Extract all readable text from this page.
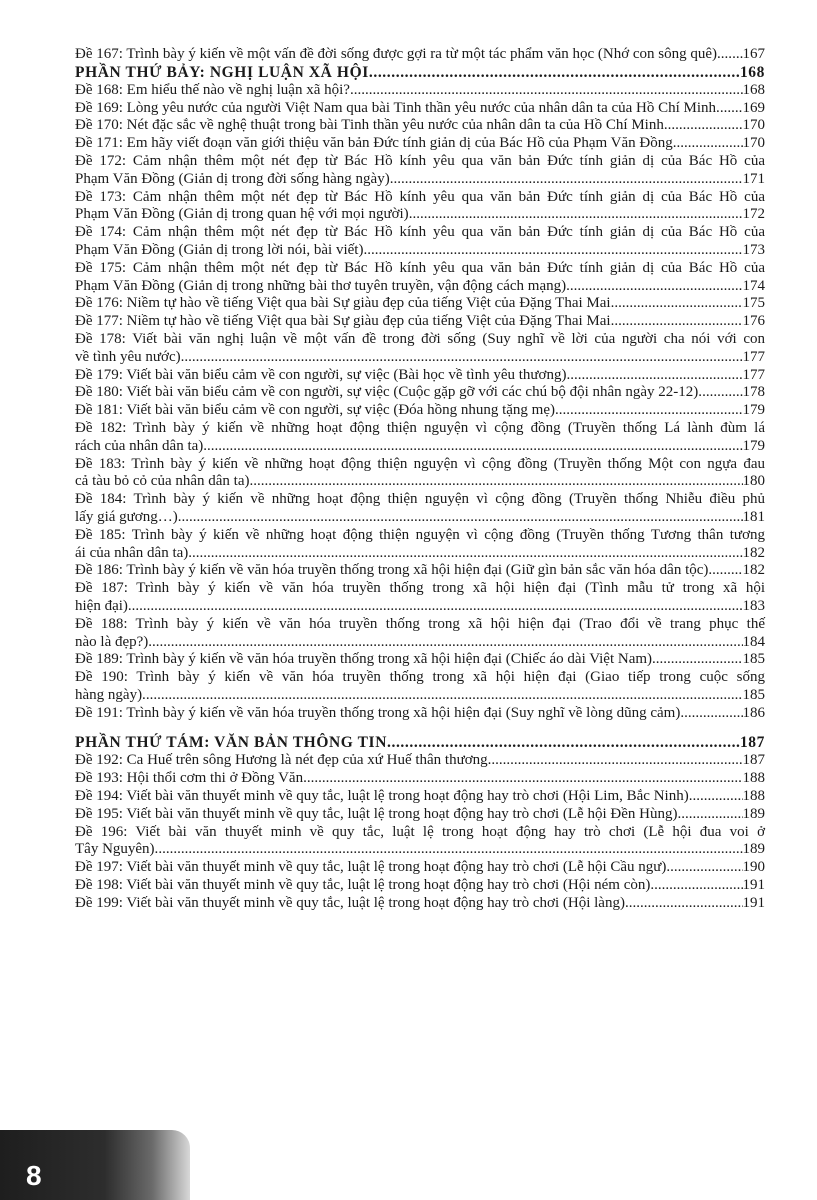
Đề 167: Trình bày ý kiến về một vấn đề đời sống được gợi ra từ một tác phẩm văn học (Nhớ con sông quê).... ..... 167
PHẦN THỨ BẢY: NGHỊ LUẬN XÃ HỘI .....	168
Đề 168: Em hiểu thế nào về nghị luận xã hội? .....	168
Đề 169: Lòng yêu nước của người Việt Nam qua bài Tinh thần yêu nước của nhân dân ta của Hồ Chí Minh. ..... 169
Đề 170: Nét đặc sắc về nghệ thuật trong bài Tinh thần yêu nước của nhân dân ta của Hồ Chí Minh. .....	170
Đề 171: Em hãy viết đoạn văn giới thiệu văn bản Đức tính giản dị của Bác Hồ của Phạm Văn Đồng. .....	170
Đề 172: Cảm nhận thêm một nét đẹp từ Bác Hồ kính yêu qua văn bản Đức tính giản dị của Bác Hồ của
Phạm Văn Đồng (Giản dị trong đời sống hàng ngày) .....	171
Đề 173: Cảm nhận thêm một nét đẹp từ Bác Hồ kính yêu qua văn bản Đức tính giản dị của Bác Hồ của
Phạm Văn Đồng (Giản dị trong quan hệ với mọi người) .....	172
Đề 174: Cảm nhận thêm một nét đẹp từ Bác Hồ kính yêu qua văn bản Đức tính giản dị của Bác Hồ của
Phạm Văn Đồng (Giản dị trong lời nói, bài viết) .....	173
Đề 175: Cảm nhận thêm một nét đẹp từ Bác Hồ kính yêu qua văn bản Đức tính giản dị của Bác Hồ của
Phạm Văn Đồng (Giản dị trong những bài thơ tuyên truyền, vận động cách mạng) .....	174
Đề 176: Niềm tự hào về tiếng Việt qua bài Sự giàu đẹp của tiếng Việt của Đặng Thai Mai. .....	175
Đề 177: Niềm tự hào về tiếng Việt qua bài Sự giàu đẹp của tiếng Việt của Đặng Thai Mai. .....	176
Đề 178: Viết bài văn nghị luận về một vấn đề trong đời sống (Suy nghĩ về lời của người cha nói với con
về tình yêu nước). .....	177
Đề 179: Viết bài văn biểu cảm về con người, sự việc (Bài học về tình yêu thương). .....	177
Đề 180: Viết bài văn biểu cảm về con người, sự việc (Cuộc gặp gỡ với các chú bộ đội nhân ngày 22-12). .....	178
Đề 181: Viết bài văn biểu cảm về con người, sự việc (Đóa hồng nhung tặng mẹ). .....	179
Đề 182: Trình bày ý kiến về những hoạt động thiện nguyện vì cộng đồng (Truyền thống Lá lành đùm lá
rách của nhân dân ta). .....	179
Đề 183: Trình bày ý kiến về những hoạt động thiện nguyện vì cộng đồng (Truyền thống Một con ngựa đau
cả tàu bỏ cỏ của nhân dân ta). .....	180
Đề 184: Trình bày ý kiến về những hoạt động thiện nguyện vì cộng đồng (Truyền thống Nhiễu điều phủ
lấy giá gương…). .....	181
Đề 185: Trình bày ý kiến về những hoạt động thiện nguyện vì cộng đồng (Truyền thống Tương thân tương
ái của nhân dân ta). .....	182
Đề 186: Trình bày ý kiến về văn hóa truyền thống trong xã hội hiện đại (Giữ gìn bản sắc văn hóa dân tộc). ..... 182
Đề 187: Trình bày ý kiến về văn hóa truyền thống trong xã hội hiện đại (Tình mẫu tử trong xã hội
hiện đại). .....	183
Đề 188: Trình bày ý kiến về văn hóa truyền thống trong xã hội hiện đại (Trao đổi về trang phục thế
nào là đẹp?). .....	184
Đề 189: Trình bày ý kiến về văn hóa truyền thống trong xã hội hiện đại (Chiếc áo dài Việt Nam). .....	185
Đề 190: Trình bày ý kiến về văn hóa truyền thống trong xã hội hiện đại (Giao tiếp trong cuộc sống
hàng ngày). .....	185
Đề 191: Trình bày ý kiến về văn hóa truyền thống trong xã hội hiện đại (Suy nghĩ về lòng dũng cảm). .....	186
PHẦN THỨ TÁM: VĂN BẢN THÔNG TIN .....	187
Đề 192: Ca Huế trên sông Hương là nét đẹp của xứ Huế thân thương. .....	187
Đề 193: Hội thổi cơm thi ở Đồng Văn .....	188
Đề 194: Viết bài văn thuyết minh về quy tắc, luật lệ trong hoạt động hay trò chơi (Hội Lim, Bắc Ninh). .....	188
Đề 195: Viết bài văn thuyết minh về quy tắc, luật lệ trong hoạt động hay trò chơi (Lễ hội Đền Hùng). .....	189
Đề 196: Viết bài văn thuyết minh về quy tắc, luật lệ trong hoạt động hay trò chơi (Lễ hội đua voi ở
Tây Nguyên). .....	189
Đề 197: Viết bài văn thuyết minh về quy tắc, luật lệ trong hoạt động hay trò chơi (Lễ hội Cầu ngư). .....	190
Đề 198: Viết bài văn thuyết minh về quy tắc, luật lệ trong hoạt động hay trò chơi (Hội ném còn). .....	191
Đề 199: Viết bài văn thuyết minh về quy tắc, luật lệ trong hoạt động hay trò chơi (Hội làng). .....	191
8
